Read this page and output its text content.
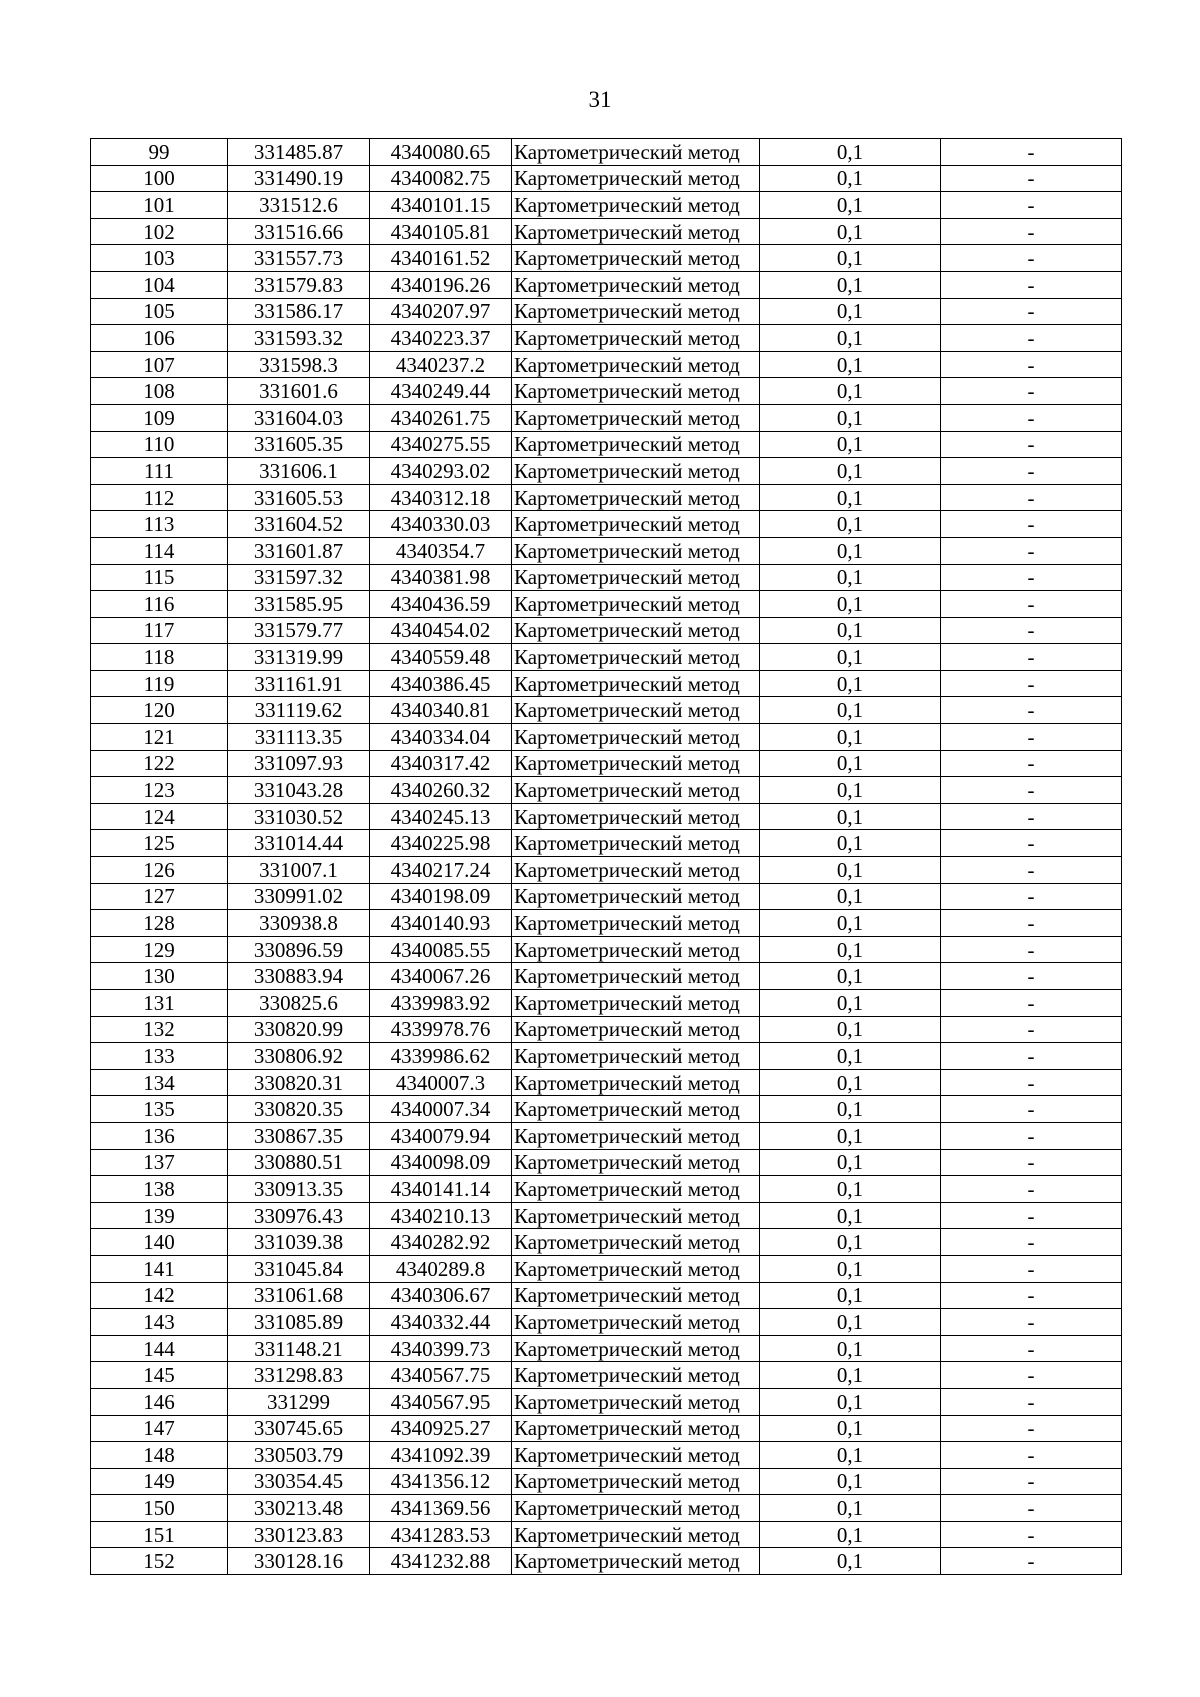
31
99	331485.87	4340080.65	Картометрический метод	0,1	-
100	331490.19	4340082.75	Картометрический метод	0,1	-
101	331512.6	4340101.15	Картометрический метод	0,1	-
102	331516.66	4340105.81	Картометрический метод	0,1	-
103	331557.73	4340161.52	Картометрический метод	0,1	-
104	331579.83	4340196.26	Картометрический метод	0,1	-
105	331586.17	4340207.97	Картометрический метод	0,1	-
106	331593.32	4340223.37	Картометрический метод	0,1	-
107	331598.3	4340237.2	Картометрический метод	0,1	-
108	331601.6	4340249.44	Картометрический метод	0,1	-
109	331604.03	4340261.75	Картометрический метод	0,1	-
110	331605.35	4340275.55	Картометрический метод	0,1	-
111	331606.1	4340293.02	Картометрический метод	0,1	-
112	331605.53	4340312.18	Картометрический метод	0,1	-
113	331604.52	4340330.03	Картометрический метод	0,1	-
114	331601.87	4340354.7	Картометрический метод	0,1	-
115	331597.32	4340381.98	Картометрический метод	0,1	-
116	331585.95	4340436.59	Картометрический метод	0,1	-
117	331579.77	4340454.02	Картометрический метод	0,1	-
118	331319.99	4340559.48	Картометрический метод	0,1	-
119	331161.91	4340386.45	Картометрический метод	0,1	-
120	331119.62	4340340.81	Картометрический метод	0,1	-
121	331113.35	4340334.04	Картометрический метод	0,1	-
122	331097.93	4340317.42	Картометрический метод	0,1	-
123	331043.28	4340260.32	Картометрический метод	0,1	-
124	331030.52	4340245.13	Картометрический метод	0,1	-
125	331014.44	4340225.98	Картометрический метод	0,1	-
126	331007.1	4340217.24	Картометрический метод	0,1	-
127	330991.02	4340198.09	Картометрический метод	0,1	-
128	330938.8	4340140.93	Картометрический метод	0,1	-
129	330896.59	4340085.55	Картометрический метод	0,1	-
130	330883.94	4340067.26	Картометрический метод	0,1	-
131	330825.6	4339983.92	Картометрический метод	0,1	-
132	330820.99	4339978.76	Картометрический метод	0,1	-
133	330806.92	4339986.62	Картометрический метод	0,1	-
134	330820.31	4340007.3	Картометрический метод	0,1	-
135	330820.35	4340007.34	Картометрический метод	0,1	-
136	330867.35	4340079.94	Картометрический метод	0,1	-
137	330880.51	4340098.09	Картометрический метод	0,1	-
138	330913.35	4340141.14	Картометрический метод	0,1	-
139	330976.43	4340210.13	Картометрический метод	0,1	-
140	331039.38	4340282.92	Картометрический метод	0,1	-
141	331045.84	4340289.8	Картометрический метод	0,1	-
142	331061.68	4340306.67	Картометрический метод	0,1	-
143	331085.89	4340332.44	Картометрический метод	0,1	-
144	331148.21	4340399.73	Картометрический метод	0,1	-
145	331298.83	4340567.75	Картометрический метод	0,1	-
146	331299	4340567.95	Картометрический метод	0,1	-
147	330745.65	4340925.27	Картометрический метод	0,1	-
148	330503.79	4341092.39	Картометрический метод	0,1	-
149	330354.45	4341356.12	Картометрический метод	0,1	-
150	330213.48	4341369.56	Картометрический метод	0,1	-
151	330123.83	4341283.53	Картометрический метод	0,1	-
152	330128.16	4341232.88	Картометрический метод	0,1	-
